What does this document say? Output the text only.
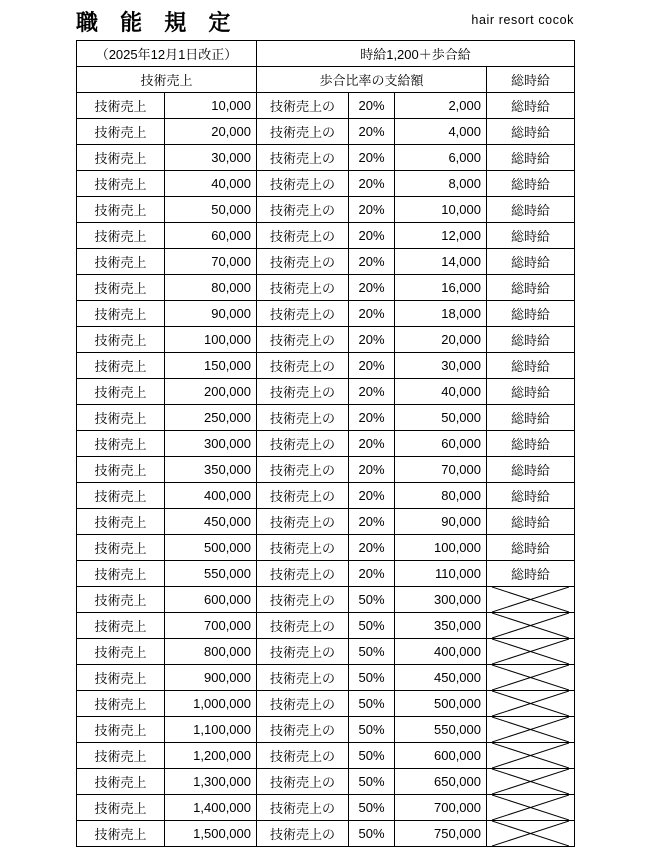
職 能 規 定	hair resort cocok
（2025年12月1日改正）		時給1,200＋歩合給			
技術売上		歩合比率の支給額			総時給
技術売上	10,000	技術売上の	20%	2,000	総時給
技術売上	20,000	技術売上の	20%	4,000	総時給
技術売上	30,000	技術売上の	20%	6,000	総時給
技術売上	40,000	技術売上の	20%	8,000	総時給
技術売上	50,000	技術売上の	20%	10,000	総時給
技術売上	60,000	技術売上の	20%	12,000	総時給
技術売上	70,000	技術売上の	20%	14,000	総時給
技術売上	80,000	技術売上の	20%	16,000	総時給
技術売上	90,000	技術売上の	20%	18,000	総時給
技術売上	100,000	技術売上の	20%	20,000	総時給
技術売上	150,000	技術売上の	20%	30,000	総時給
技術売上	200,000	技術売上の	20%	40,000	総時給
技術売上	250,000	技術売上の	20%	50,000	総時給
技術売上	300,000	技術売上の	20%	60,000	総時給
技術売上	350,000	技術売上の	20%	70,000	総時給
技術売上	400,000	技術売上の	20%	80,000	総時給
技術売上	450,000	技術売上の	20%	90,000	総時給
技術売上	500,000	技術売上の	20%	100,000	総時給
技術売上	550,000	技術売上の	20%	110,000	総時給
技術売上	600,000	技術売上の	50%	300,000	

技術売上	700,000	技術売上の	50%	350,000	

技術売上	800,000	技術売上の	50%	400,000	

技術売上	900,000	技術売上の	50%	450,000	

技術売上	1,000,000	技術売上の	50%	500,000	

技術売上	1,100,000	技術売上の	50%	550,000	

技術売上	1,200,000	技術売上の	50%	600,000	

技術売上	1,300,000	技術売上の	50%	650,000	

技術売上	1,400,000	技術売上の	50%	700,000	

技術売上	1,500,000	技術売上の	50%	750,000	
